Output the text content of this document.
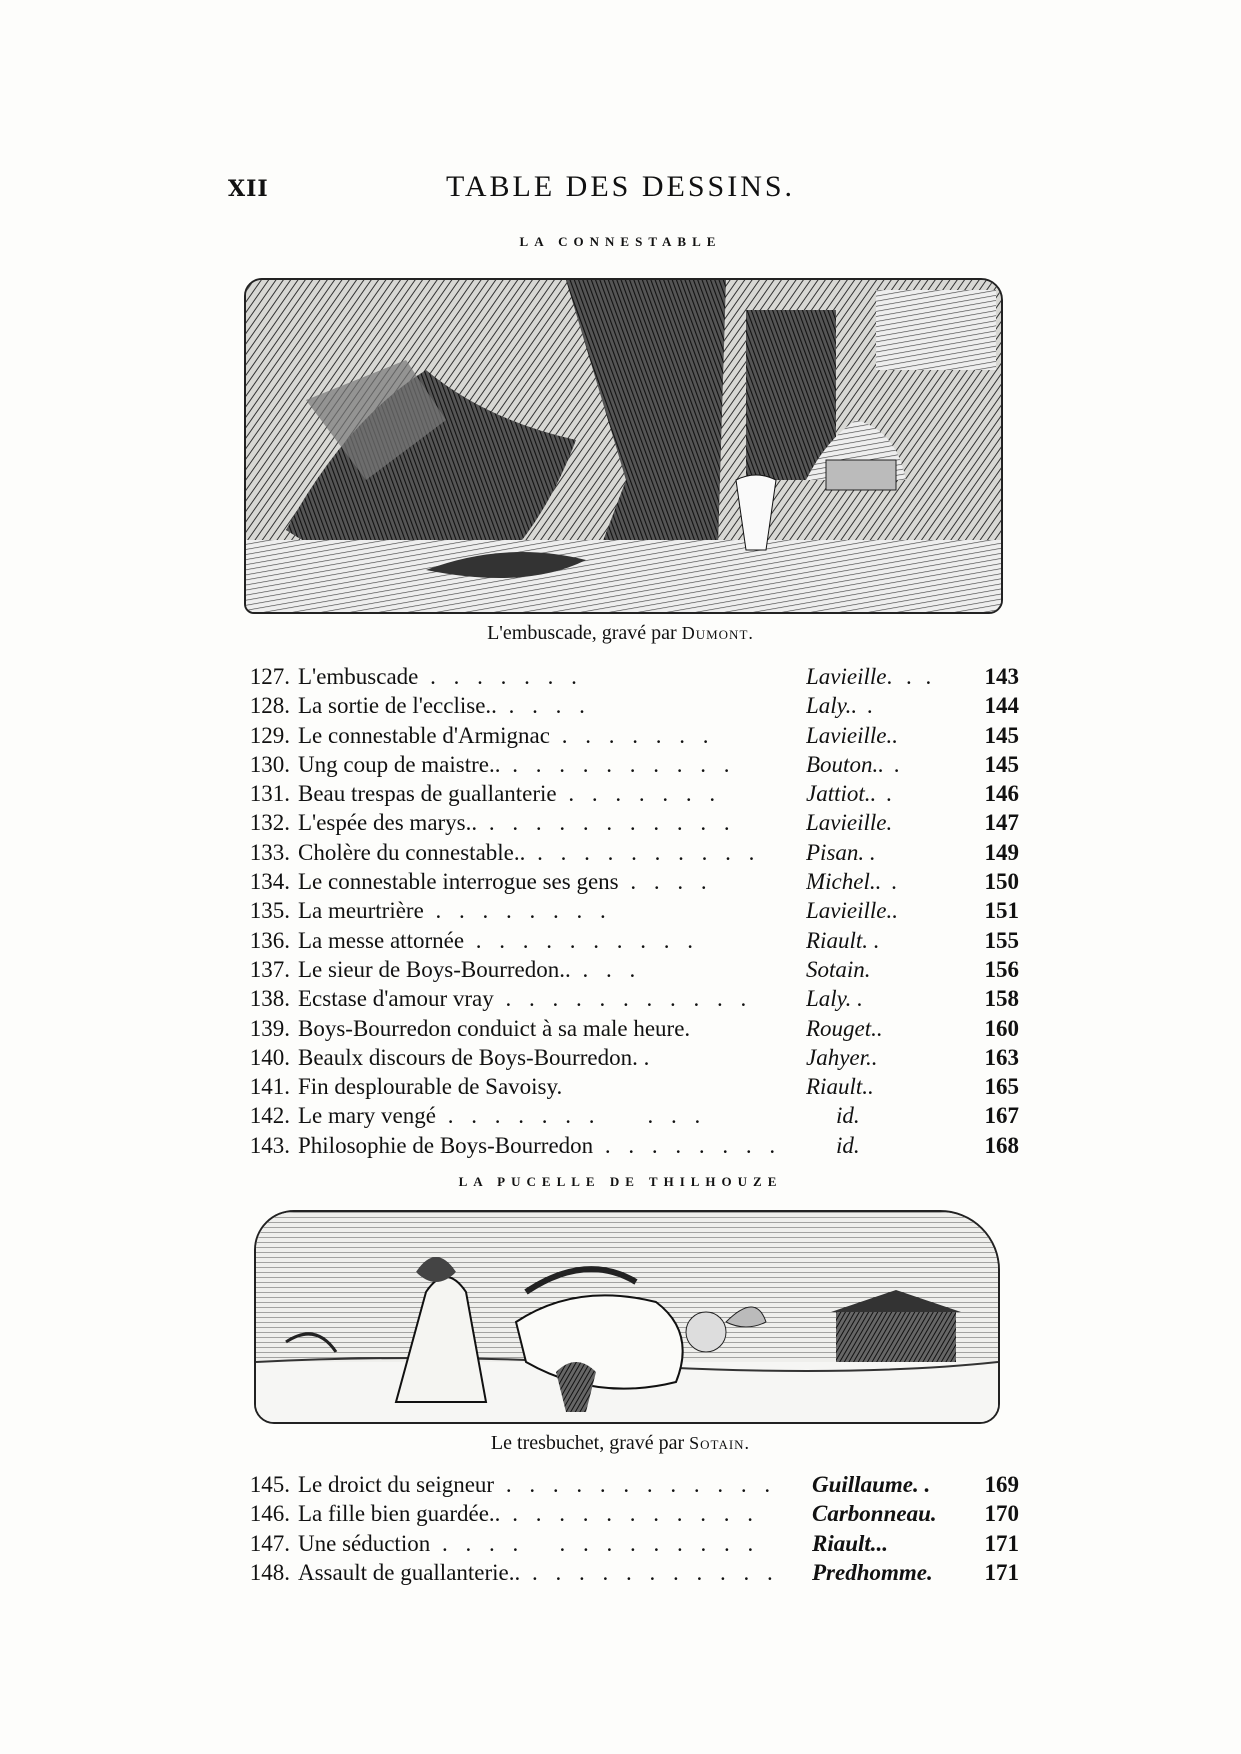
XII	TABLE DES DESSINS.
LA CONNESTABLE
L'embuscade, gravé par Dumont.
127. L'embuscade . . . . . . .	Lavieille. . .	143
128. La sortie de l'ecclise.. . . . .	Laly.. .	144
129. Le connestable d'Armignac . . . . . . .	Lavieille..	145
130. Ung coup de maistre.. . . . . . . . . . .	Bouton.. .	145
131. Beau trespas de guallanterie . . . . . . .	Jattiot.. .	146
132. L'espée des marys.. . . . . . . . . . . .	Lavieille.	147
133. Cholère du connestable.. . . . . . . . . . .	Pisan. .	149
134. Le connestable interrogue ses gens . . . .	Michel.. .	150
135. La meurtrière . . . . . . . .	Lavieille..	151
136. La messe attornée . . . . . . . . . .	Riault. .	155
137. Le sieur de Boys-Bourredon.. . . .	Sotain.	156
138. Ecstase d'amour vray . . . . . . . . . . .	Laly. .	158
139. Boys-Bourredon conduict à sa male heure.	Rouget..	160
140. Beaulx discours de Boys-Bourredon. .	Jahyer..	163
141. Fin desplourable de Savoisy.	Riault..	165
142. Le mary vengé . . . . . . .    . . .	id.	167
143. Philosophie de Boys-Bourredon . . . . . . . .	id.	168
LA PUCELLE DE THILHOUZE
Le tresbuchet, gravé par Sotain.
145. Le droict du seigneur . . . . . . . . . . . .	Guillaume. .	169
146. La fille bien guardée.. . . . . . . . . . . .	Carbonneau.	170
147. Une séduction . . . .   . . . . . . . . .	Riault...	171
148. Assault de guallanterie.. . . . . . . . . . . .	Predhomme.	171
